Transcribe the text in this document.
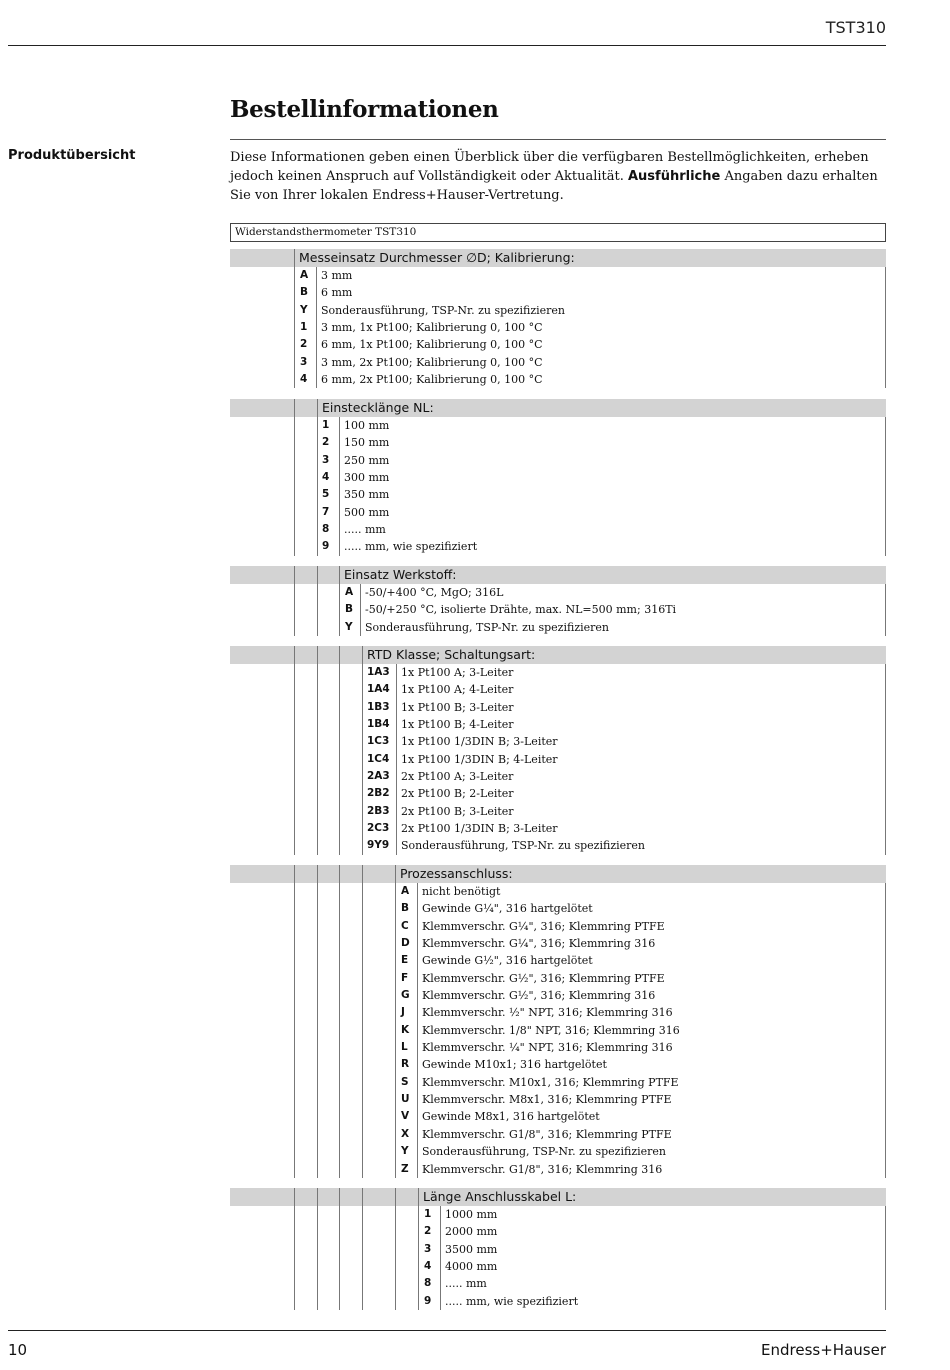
TST310
Bestellinformationen
Produktübersicht	Diese Informationen geben einen Überblick über die verfügbaren Bestellmöglichkeiten, erheben jedoch keinen Anspruch auf Vollständigkeit oder Aktualität. Ausführliche Angaben dazu erhalten Sie von Ihrer lokalen Endress+Hauser-Vertretung.

Widerstandsthermometer TST310
Messeinsatz Durchmesser ∅D; Kalibrierung:
A 3 mm
B 6 mm
Y Sonderausführung, TSP-Nr. zu spezifizieren
1 3 mm, 1x Pt100; Kalibrierung 0, 100 °C
2 6 mm, 1x Pt100; Kalibrierung 0, 100 °C
3 3 mm, 2x Pt100; Kalibrierung 0, 100 °C
4 6 mm, 2x Pt100; Kalibrierung 0, 100 °C
Einstecklänge NL:
1 100 mm
2 150 mm
3 250 mm
4 300 mm
5 350 mm
7 500 mm
8 ..... mm
9 ..... mm, wie spezifiziert
Einsatz Werkstoff:
A -50/+400 °C, MgO; 316L
B -50/+250 °C, isolierte Drähte, max. NL=500 mm; 316Ti
Y Sonderausführung, TSP-Nr. zu spezifizieren
RTD Klasse; Schaltungsart:
1A3 1x Pt100 A; 3-Leiter
1A4 1x Pt100 A; 4-Leiter
1B3 1x Pt100 B; 3-Leiter
1B4 1x Pt100 B; 4-Leiter
1C3 1x Pt100 1/3DIN B; 3-Leiter
1C4 1x Pt100 1/3DIN B; 4-Leiter
2A3 2x Pt100 A; 3-Leiter
2B2 2x Pt100 B; 2-Leiter
2B3 2x Pt100 B; 3-Leiter
2C3 2x Pt100 1/3DIN B; 3-Leiter
9Y9 Sonderausführung, TSP-Nr. zu spezifizieren
Prozessanschluss:
A nicht benötigt
B Gewinde G¼", 316 hartgelötet
C Klemmverschr. G¼", 316; Klemmring PTFE
D Klemmverschr. G¼", 316; Klemmring 316
E Gewinde G½", 316 hartgelötet
F Klemmverschr. G½", 316; Klemmring PTFE
G Klemmverschr. G½", 316; Klemmring 316
J Klemmverschr. ½" NPT, 316; Klemmring 316
K Klemmverschr. 1/8" NPT, 316; Klemmring 316
L Klemmverschr. ¼" NPT, 316; Klemmring 316
R Gewinde M10x1; 316 hartgelötet
S Klemmverschr. M10x1, 316; Klemmring PTFE
U Klemmverschr. M8x1, 316; Klemmring PTFE
V Gewinde M8x1, 316 hartgelötet
X Klemmverschr. G1/8", 316; Klemmring PTFE
Y Sonderausführung, TSP-Nr. zu spezifizieren
Z Klemmverschr. G1/8", 316; Klemmring 316
Länge Anschlusskabel L:
1 1000 mm
2 2000 mm
3 3500 mm
4 4000 mm
8 ..... mm
9 ..... mm, wie spezifiziert
10	Endress+Hauser
